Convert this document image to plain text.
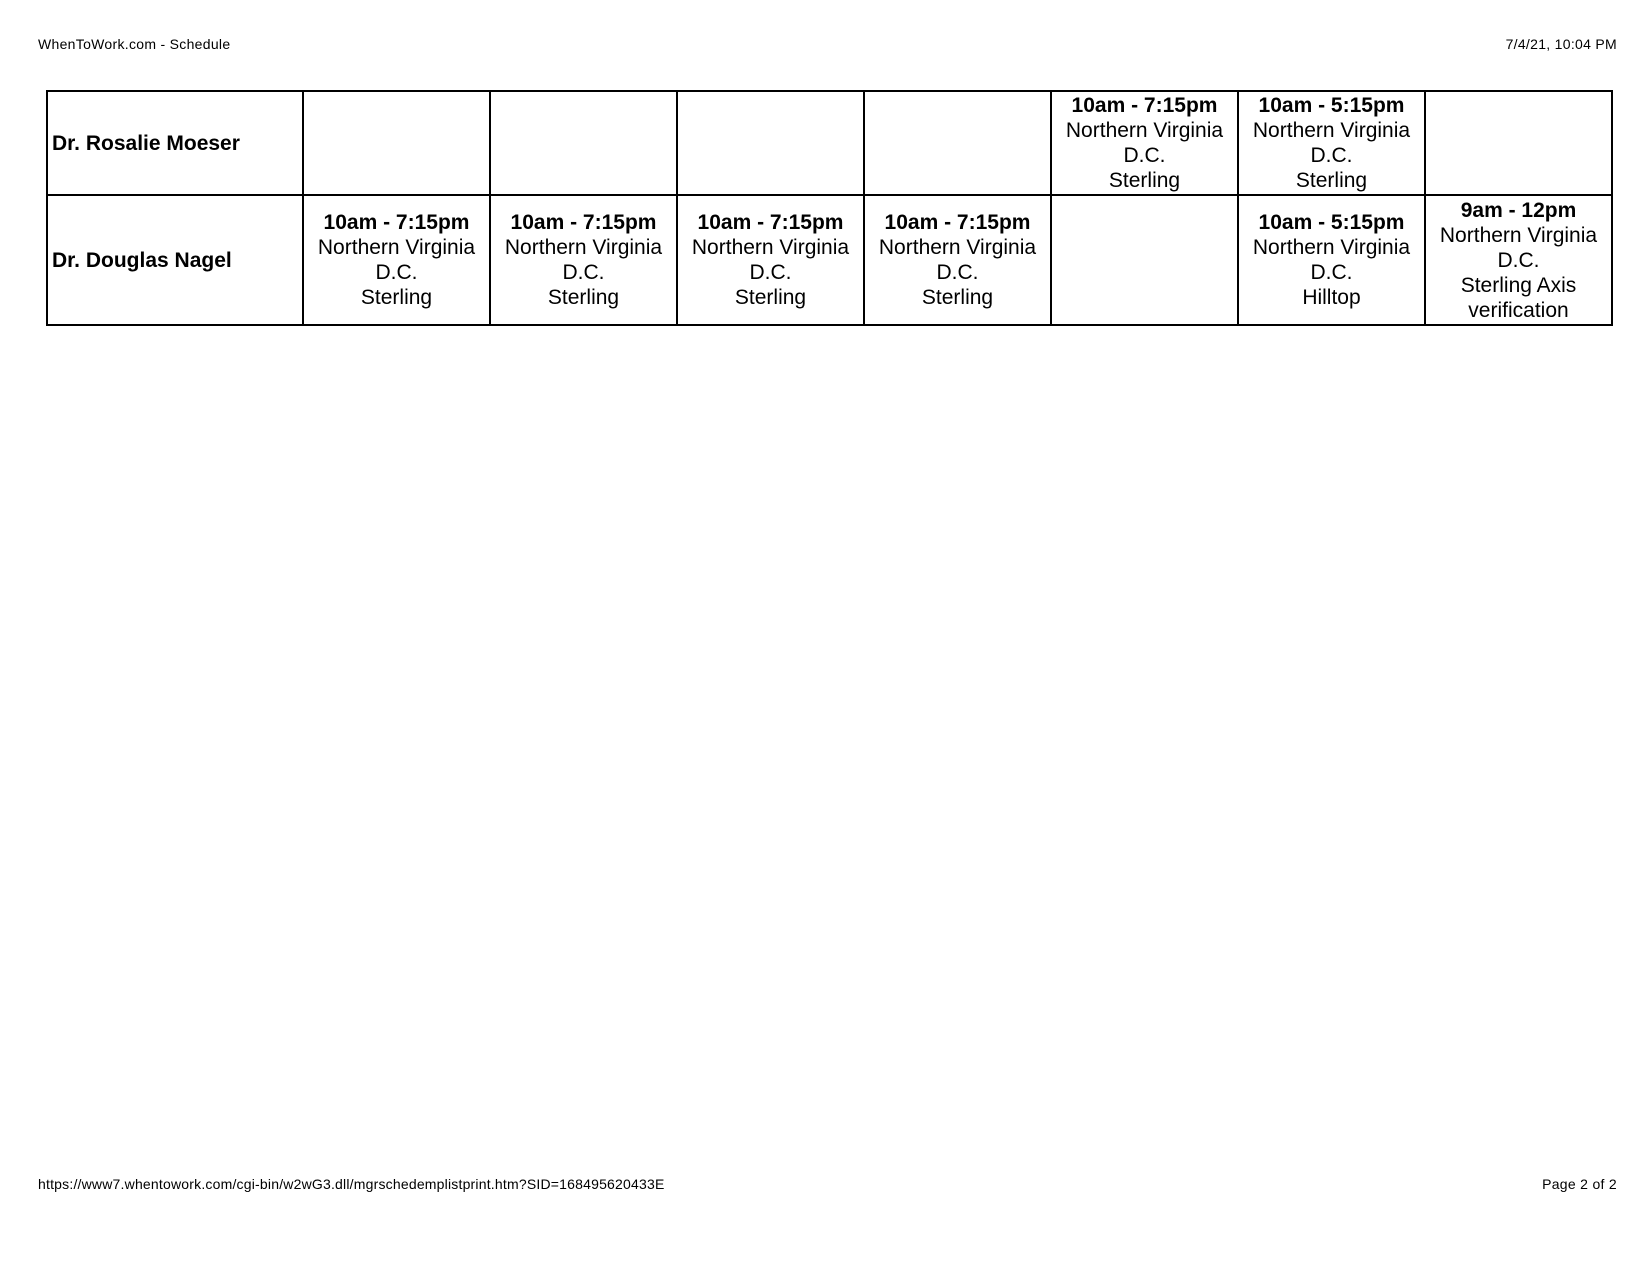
WhenToWork.com - Schedule	7/4/21, 10:04 PM
Dr. Rosalie Moeser					10am - 7:15pm
Northern Virginia
D.C.
Sterling	10am - 5:15pm
Northern Virginia
D.C.
Sterling	

Dr. Douglas Nagel	10am - 7:15pm
Northern Virginia
D.C.
Sterling	10am - 7:15pm
Northern Virginia
D.C.
Sterling	10am - 7:15pm
Northern Virginia
D.C.
Sterling	10am - 7:15pm
Northern Virginia
D.C.
Sterling		10am - 5:15pm
Northern Virginia
D.C.
Hilltop	9am - 12pm
Northern Virginia
D.C.
Sterling Axis
verification
https://www7.whentowork.com/cgi-bin/w2wG3.dll/mgrschedemplistprint.htm?SID=168495620433E	Page 2 of 2
